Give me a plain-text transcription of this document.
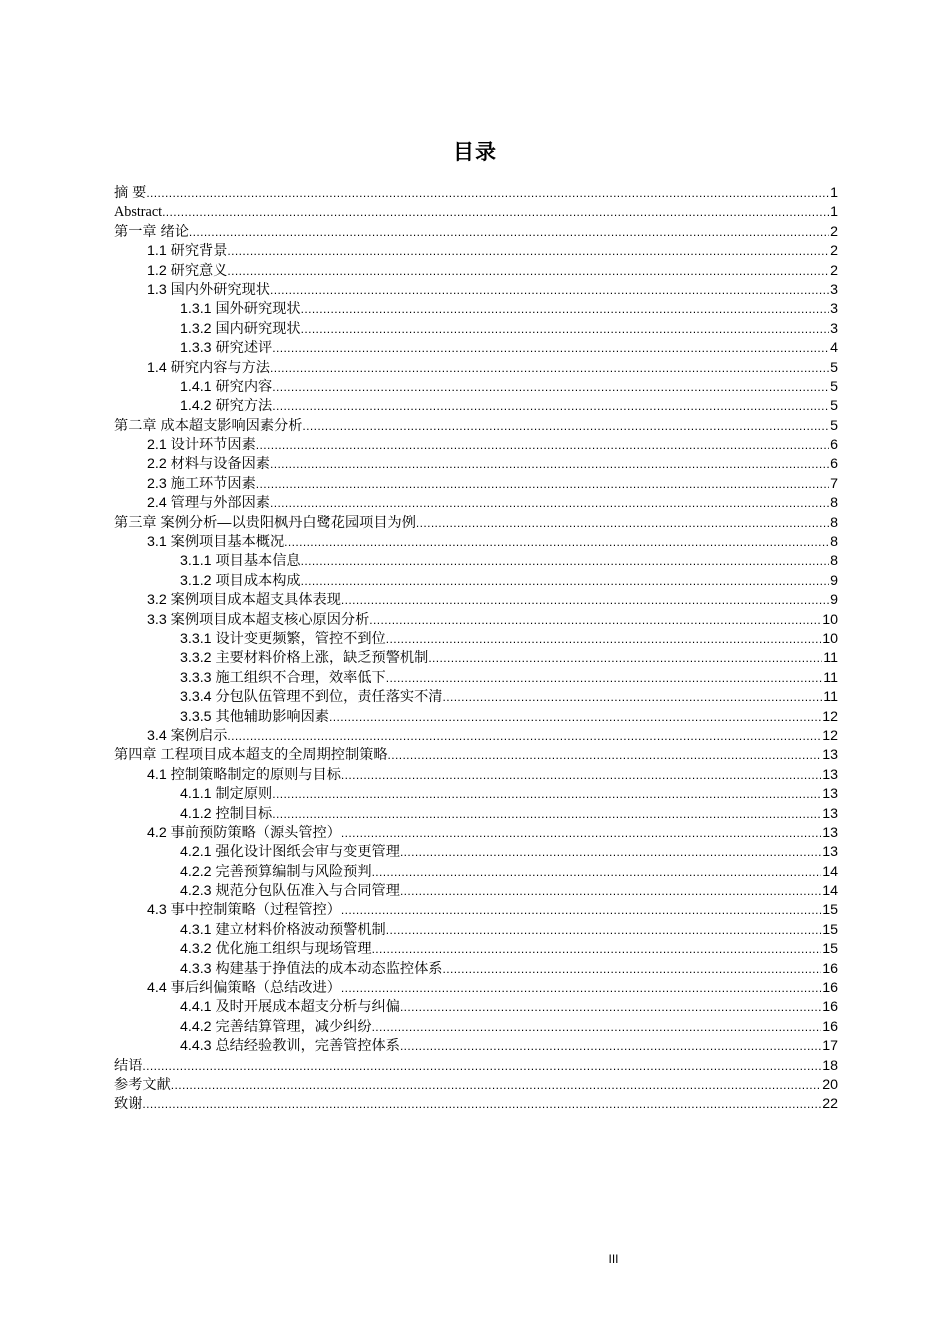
目录
摘 要 .....	1
Abstract .....	1
第一章 绪论 .....	2
1.1 研究背景 .....	2
1.2 研究意义 .....	2
1.3 国内外研究现状 .....	3
1.3.1 国外研究现状 .....	3
1.3.2 国内研究现状 .....	3
1.3.3 研究述评 .....	4
1.4 研究内容与方法 .....	5
1.4.1 研究内容 .....	5
1.4.2 研究方法 .....	5
第二章 成本超支影响因素分析 .....	5
2.1 设计环节因素 .....	6
2.2 材料与设备因素 .....	6
2.3 施工环节因素 .....	7
2.4 管理与外部因素 .....	8
第三章 案例分析—以贵阳枫丹白鹭花园项目为例 .....	8
3.1 案例项目基本概况 .....	8
3.1.1 项目基本信息 .....	8
3.1.2 项目成本构成 .....	9
3.2 案例项目成本超支具体表现 .....	9
3.3 案例项目成本超支核心原因分析 .....	10
3.3.1 设计变更频繁，管控不到位 .....	10
3.3.2 主要材料价格上涨，缺乏预警机制 .....	11
3.3.3 施工组织不合理，效率低下 .....	11
3.3.4 分包队伍管理不到位，责任落实不清 .....	11
3.3.5 其他辅助影响因素 .....	12
3.4 案例启示 .....	12
第四章 工程项目成本超支的全周期控制策略 .....	13
4.1 控制策略制定的原则与目标 .....	13
4.1.1 制定原则 .....	13
4.1.2 控制目标 .....	13
4.2 事前预防策略（源头管控） .....	13
4.2.1 强化设计图纸会审与变更管理 .....	13
4.2.2 完善预算编制与风险预判 .....	14
4.2.3 规范分包队伍准入与合同管理 .....	14
4.3 事中控制策略（过程管控） .....	15
4.3.1 建立材料价格波动预警机制 .....	15
4.3.2 优化施工组织与现场管理 .....	15
4.3.3 构建基于挣值法的成本动态监控体系 .....	16
4.4 事后纠偏策略（总结改进） .....	16
4.4.1 及时开展成本超支分析与纠偏 .....	16
4.4.2 完善结算管理，减少纠纷 .....	16
4.4.3 总结经验教训，完善管控体系 .....	17
结语 .....	18
参考文献 .....	20
致谢 .....	22
III
